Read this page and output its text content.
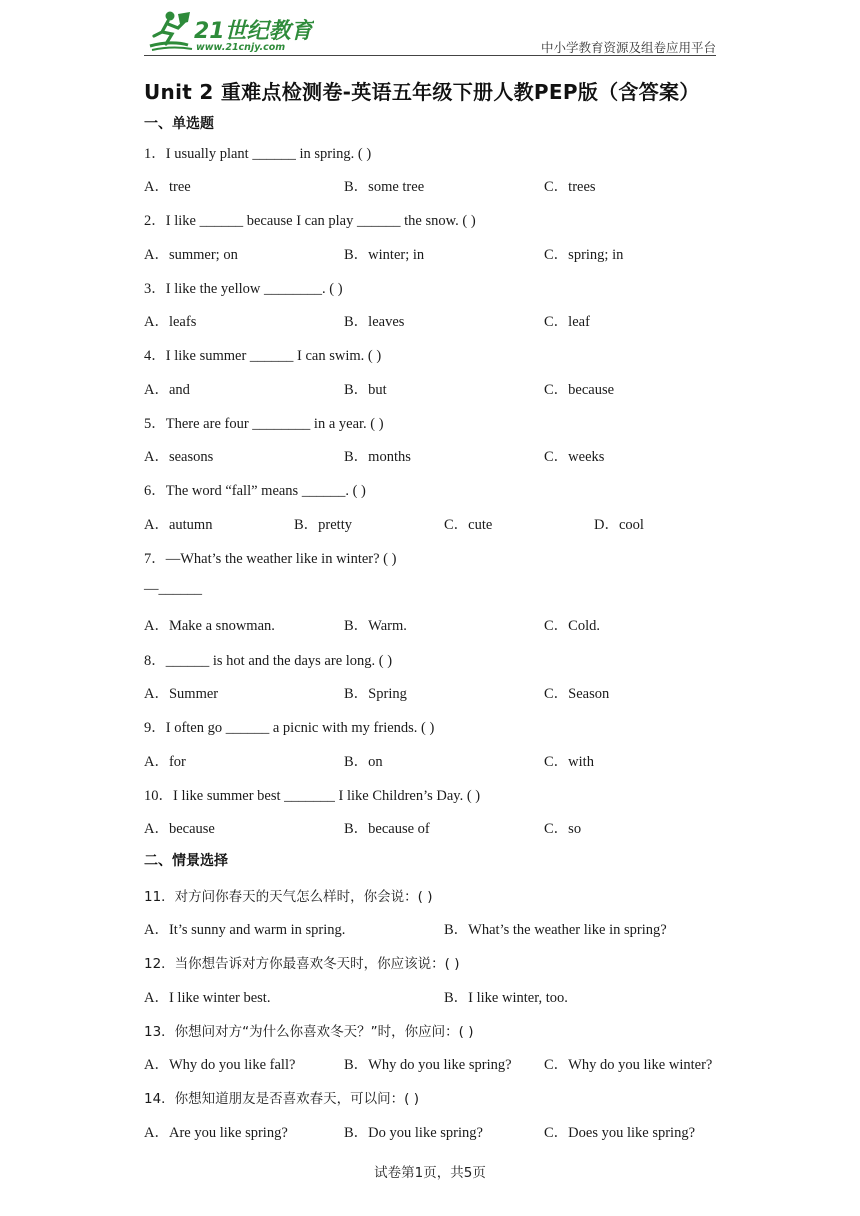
21世纪教育
www.21cnjy.com	中小学教育资源及组卷应用平台
Unit 2 重难点检测卷-英语五年级下册人教PEP版（含答案）
一、单选题
二、情景选择
1．I usually plant ______ in spring. ( )
A．tree	B．some tree	C．trees
2．I like ______ because I can play ______ the snow. ( )
A．summer; on	B．winter; in	C．spring; in
3．I like the yellow ________. ( )
A．leafs	B．leaves	C．leaf
4．I like summer ______ I can swim. ( )
A．and	B．but	C．because
5．There are four ________ in a year. ( )
A．seasons	B．months	C．weeks
6．The word “fall” means ______. ( )
A．autumn	B．pretty	C．cute	D．cool
7．—What’s the weather like in winter? ( )
—______
A．Make a snowman.	B．Warm.	C．Cold.
8．______ is hot and the days are long. ( )
A．Summer	B．Spring	C．Season
9．I often go ______ a picnic with my friends. ( )
A．for	B．on	C．with
10．I like summer best _______ I like Children’s Day. ( )
A．because	B．because of	C．so
11．对方问你春天的天气怎么样时，你会说：( )
A．It’s sunny and warm in spring.	B．What’s the weather like in spring?
12．当你想告诉对方你最喜欢冬天时，你应该说：( )
A．I like winter best.	B．I like winter, too.
13．你想问对方“为什么你喜欢冬天？”时，你应问：( )
A．Why do you like fall?	B．Why do you like spring? C．Why do you like winter?
14．你想知道朋友是否喜欢春天，可以问：( )
A．Are you like spring?	B．Do you like spring?	C．Does you like spring?
试卷第1页，共5页
